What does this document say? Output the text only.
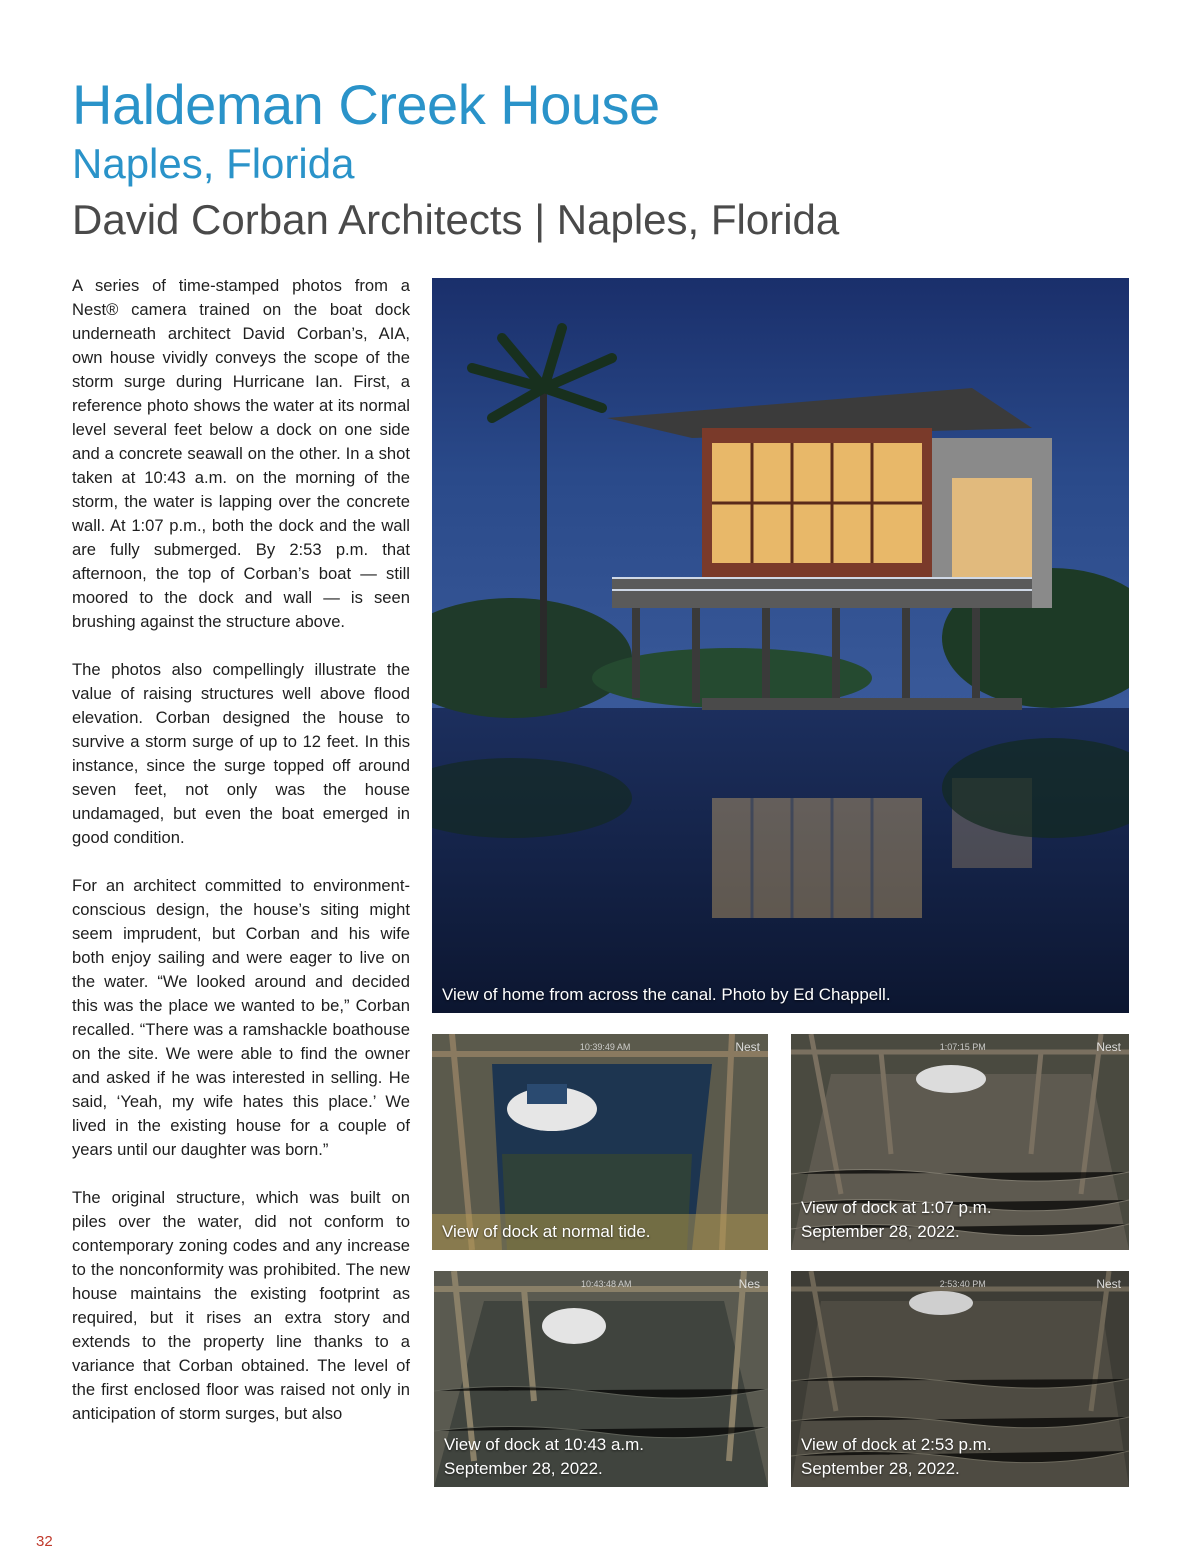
Haldeman Creek House
Naples, Florida
David Corban Architects | Naples, Florida

A series of time-stamped photos from a Nest® camera trained on the boat dock underneath architect David Corban’s, AIA, own house vividly conveys the scope of the storm surge during Hurricane Ian. First, a reference photo shows the water at its normal level several feet below a dock on one side and a concrete seawall on the other. In a shot taken at 10:43 a.m. on the morning of the storm, the water is lapping over the concrete wall. At 1:07 p.m., both the dock and the wall are fully submerged. By 2:53 p.m. that afternoon, the top of Corban’s boat — still moored to the dock and wall — is seen brushing against the structure above.

The photos also compellingly illustrate the value of raising structures well above flood elevation. Corban designed the house to survive a storm surge of up to 12 feet. In this instance, since the surge topped off around seven feet, not only was the house undamaged, but even the boat emerged in good condition.

For an architect committed to environment-conscious design, the house’s siting might seem imprudent, but Corban and his wife both enjoy sailing and were eager to live on the water. “We looked around and decided this was the place we wanted to be,” Corban recalled. “There was a ramshackle boathouse on the site. We were able to find the owner and asked if he was interested in selling. He said, ‘Yeah, my wife hates this place.’ We lived in the existing house for a couple of years until our daughter was born.”

The original structure, which was built on piles over the water, did not conform to contemporary zoning codes and any increase to the nonconformity was prohibited. The new house maintains the existing footprint as required, but it rises an extra story and extends to the property line thanks to a variance that Corban obtained. The level of the first enclosed floor was raised not only in anticipation of storm surges, but also

View of home from across the canal. Photo by Ed Chappell.
10:39:49 AM	Nest
View of dock at normal tide.
1:07:15 PM	Nest
View of dock at 1:07 p.m.
September 28, 2022.
10:43:48 AM	Nes
View of dock at 10:43 a.m.
September 28, 2022.
2:53:40 PM	Nest
View of dock at 2:53 p.m.
September 28, 2022.
32
